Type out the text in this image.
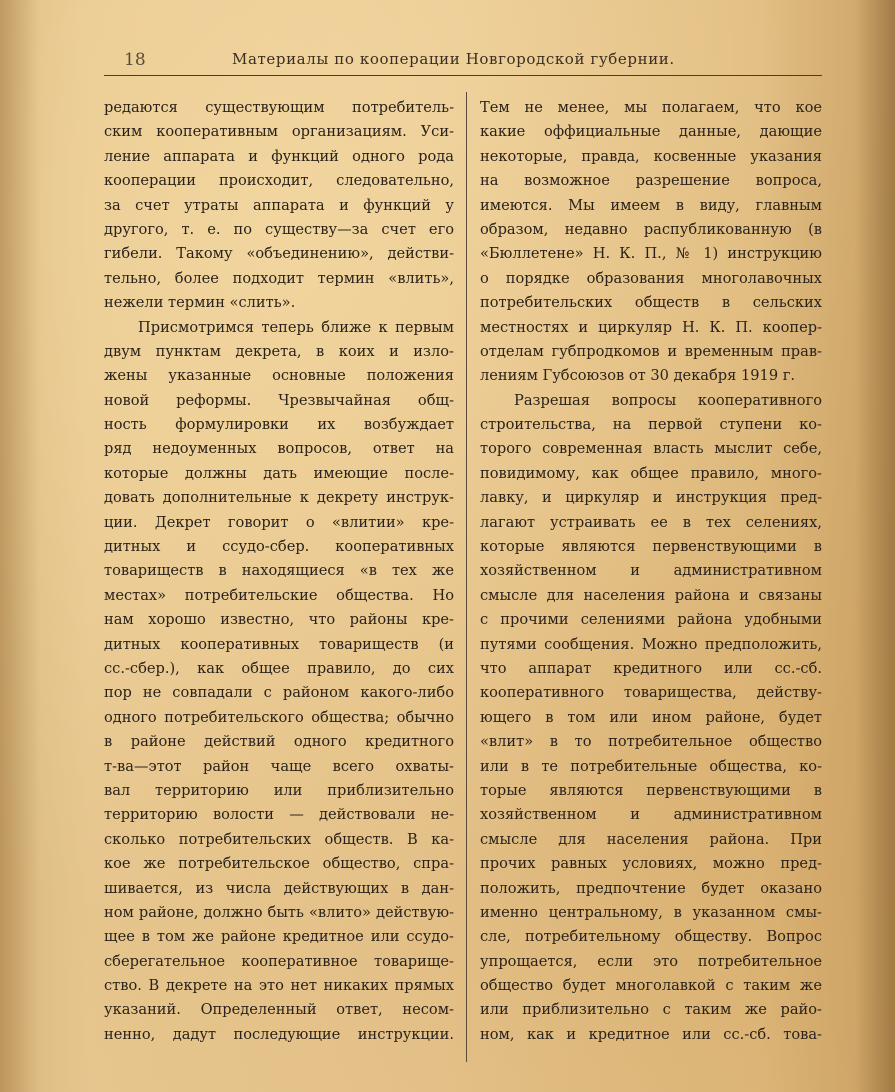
18	Материалы по кооперации Новгородской губернии.
редаются существующим потребитель-
ским кооперативным организациям. Уси-
ление аппарата и функций одного рода
кооперации происходит, следовательно,
за счет утраты аппарата и функций у
другого, т. е. по существу—за счет его
гибели. Такому «объединению», действи-
тельно, более подходит термин «влить»,
нежели термин «слить».
Присмотримся теперь ближе к первым
двум пунктам декрета, в коих и изло-
жены указанные основные положения
новой реформы. Чрезвычайная общ-
ность формулировки их возбуждает
ряд недоуменных вопросов, ответ на
которые должны дать имеющие после-
довать дополнительные к декрету инструк-
ции. Декрет говорит о «влитии» кре-
дитных и ссудо-сбер. кооперативных
товариществ в находящиеся «в тех же
местах» потребительские общества. Но
нам хорошо известно, что районы кре-
дитных кооперативных товариществ (и
сс.-сбер.), как общее правило, до сих
пор не совпадали с районом какого-либо
одного потребительского общества; обычно
в районе действий одного кредитного
т-ва—этот район чаще всего охваты-
вал территорию или приблизительно
территорию волости — действовали не-
сколько потребительских обществ. В ка-
кое же потребительское общество, спра-
шивается, из числа действующих в дан-
ном районе, должно быть «влито» действую-
щее в том же районе кредитное или ссудо-
сберегательное кооперативное товарище-
ство. В декрете на это нет никаких прямых
указаний. Определенный ответ, несом-
ненно, дадут последующие инструкции.
Тем не менее, мы полагаем, что кое
какие оффициальные данные, дающие
некоторые, правда, косвенные указания
на возможное разрешение вопроса,
имеются. Мы имеем в виду, главным
образом, недавно распубликованную (в
«Бюллетене» Н. К. П., № 1) инструкцию
о порядке образования многолавочных
потребительских обществ в сельских
местностях и циркуляр Н. К. П. коопер-
отделам губпродкомов и временным прав-
лениям Губсоюзов от 30 декабря 1919 г.
Разрешая вопросы кооперативного
строительства, на первой ступени ко-
торого современная власть мыслит себе,
повидимому, как общее правило, много-
лавку, и циркуляр и инструкция пред-
лагают устраивать ее в тех селениях,
которые являются первенствующими в
хозяйственном и административном
смысле для населения района и связаны
с прочими селениями района удобными
путями сообщения. Можно предположить,
что аппарат кредитного или сс.-сб.
кооперативного товарищества, действу-
ющего в том или ином районе, будет
«влит» в то потребительное общество
или в те потребительные общества, ко-
торые являются первенствующими в
хозяйственном и административном
смысле для населения района. При
прочих равных условиях, можно пред-
положить, предпочтение будет оказано
именно центральному, в указанном смы-
сле, потребительному обществу. Вопрос
упрощается, если это потребительное
общество будет многолавкой с таким же
или приблизительно с таким же райо-
ном, как и кредитное или сс.-сб. това-
